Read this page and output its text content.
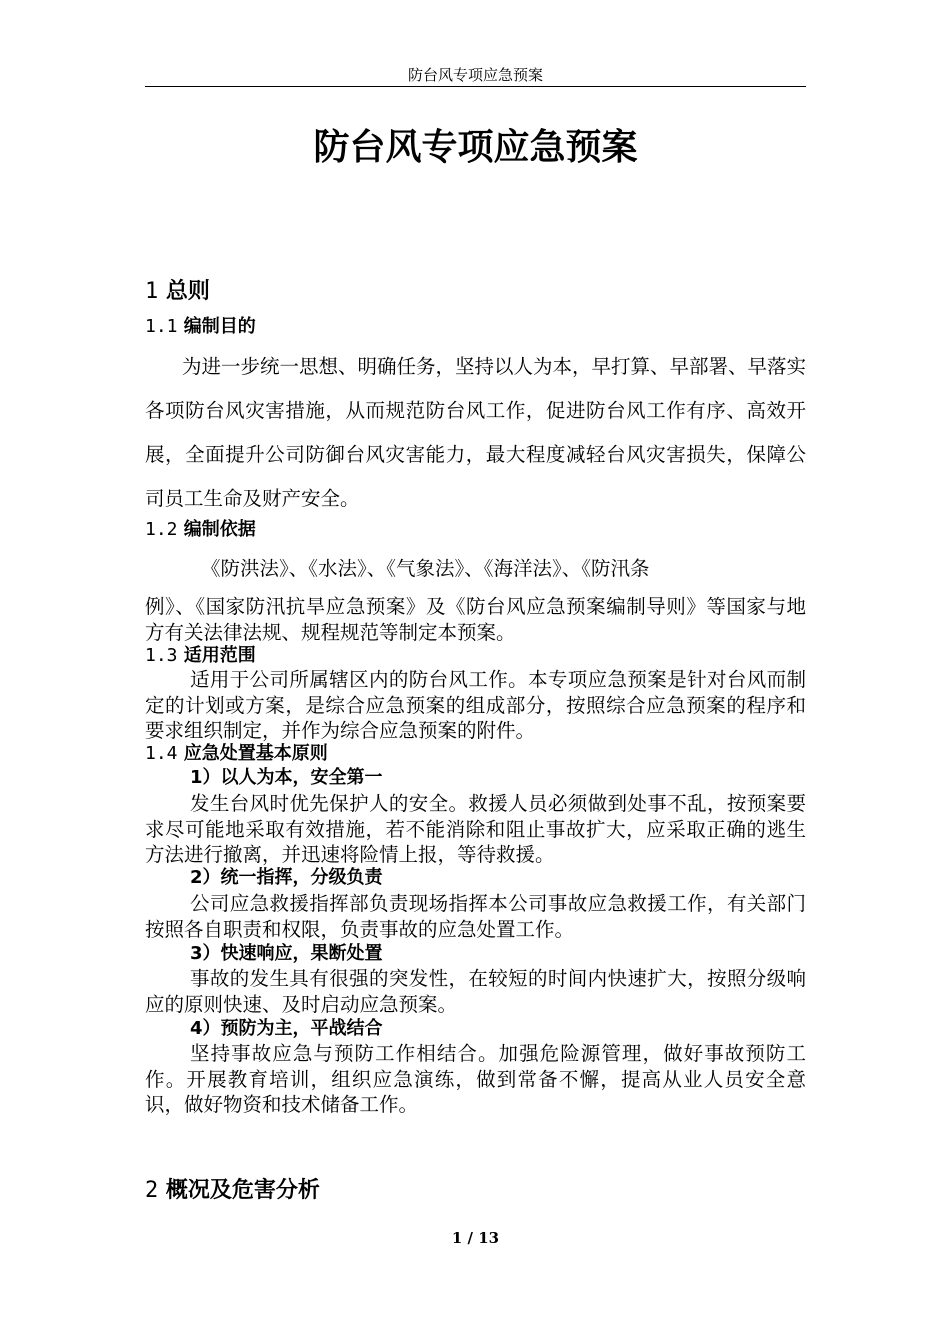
防台风专项应急预案
防台风专项应急预案
1 总则
1.1 编制目的

为进一步统一思想、明确任务，坚持以人为本，早打算、早部署、早落实各项防台风灾害措施，从而规范防台风工作，促进防台风工作有序、高效开展，全面提升公司防御台风灾害能力，最大程度减轻台风灾害损失，保障公司员工生命及财产安全。

1.2 编制依据

《防洪法》、《水法》、《气象法》、《海洋法》、《防汛条

例》、《国家防汛抗旱应急预案》及《防台风应急预案编制导则》等国家与地方有关法律法规、规程规范等制定本预案。

1.3 适用范围

适用于公司所属辖区内的防台风工作。本专项应急预案是针对台风而制定的计划或方案，是综合应急预案的组成部分，按照综合应急预案的程序和要求组织制定，并作为综合应急预案的附件。

1.4 应急处置基本原则
1）以人为本，安全第一

发生台风时优先保护人的安全。救援人员必须做到处事不乱，按预案要求尽可能地采取有效措施，若不能消除和阻止事故扩大，应采取正确的逃生方法进行撤离，并迅速将险情上报，等待救援。

2）统一指挥，分级负责

公司应急救援指挥部负责现场指挥本公司事故应急救援工作，有关部门按照各自职责和权限，负责事故的应急处置工作。

3）快速响应，果断处置

事故的发生具有很强的突发性，在较短的时间内快速扩大，按照分级响应的原则快速、及时启动应急预案。

4）预防为主，平战结合

坚持事故应急与预防工作相结合。加强危险源管理，做好事故预防工作。开展教育培训，组织应急演练，做到常备不懈，提高从业人员安全意识，做好物资和技术储备工作。

2 概况及危害分析
1 / 13
